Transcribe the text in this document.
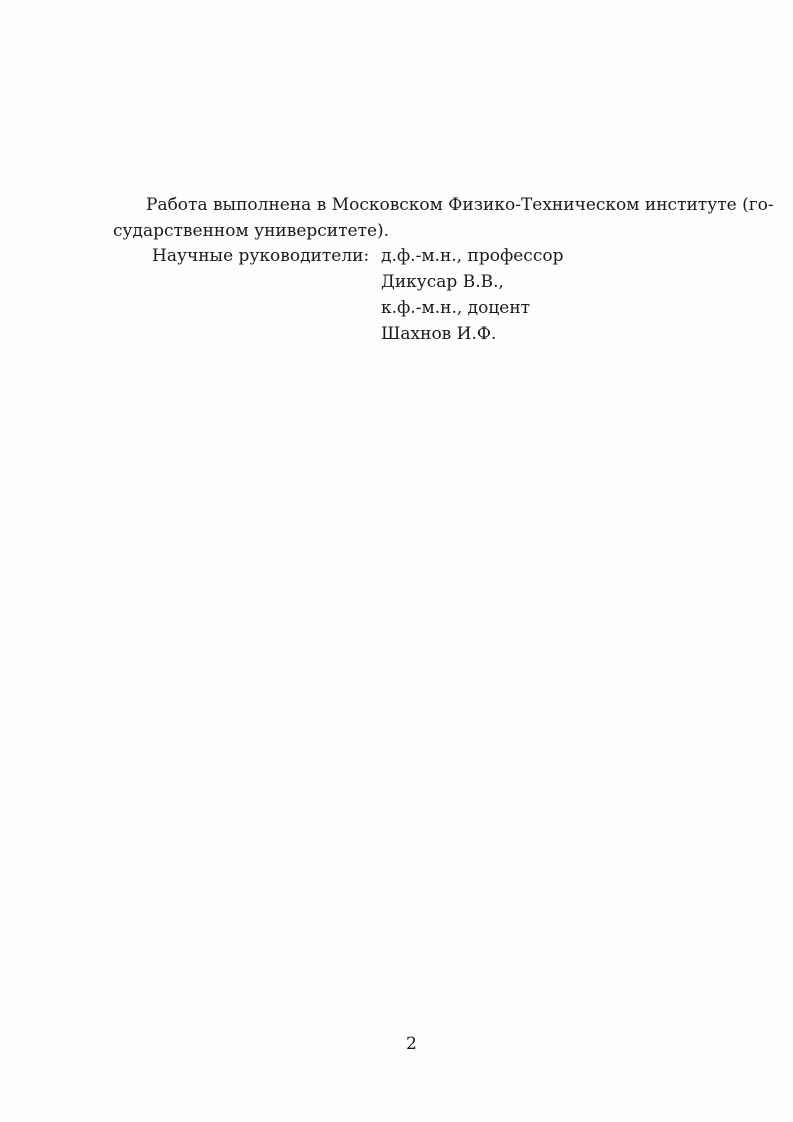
Работа выполнена в Московском Физико-Техническом институте (го-
сударственном университете).
Научные руководители: д.ф.-м.н., профессор
Дикусар В.В.,
к.ф.-м.н., доцент
Шахнов И.Ф.
2
